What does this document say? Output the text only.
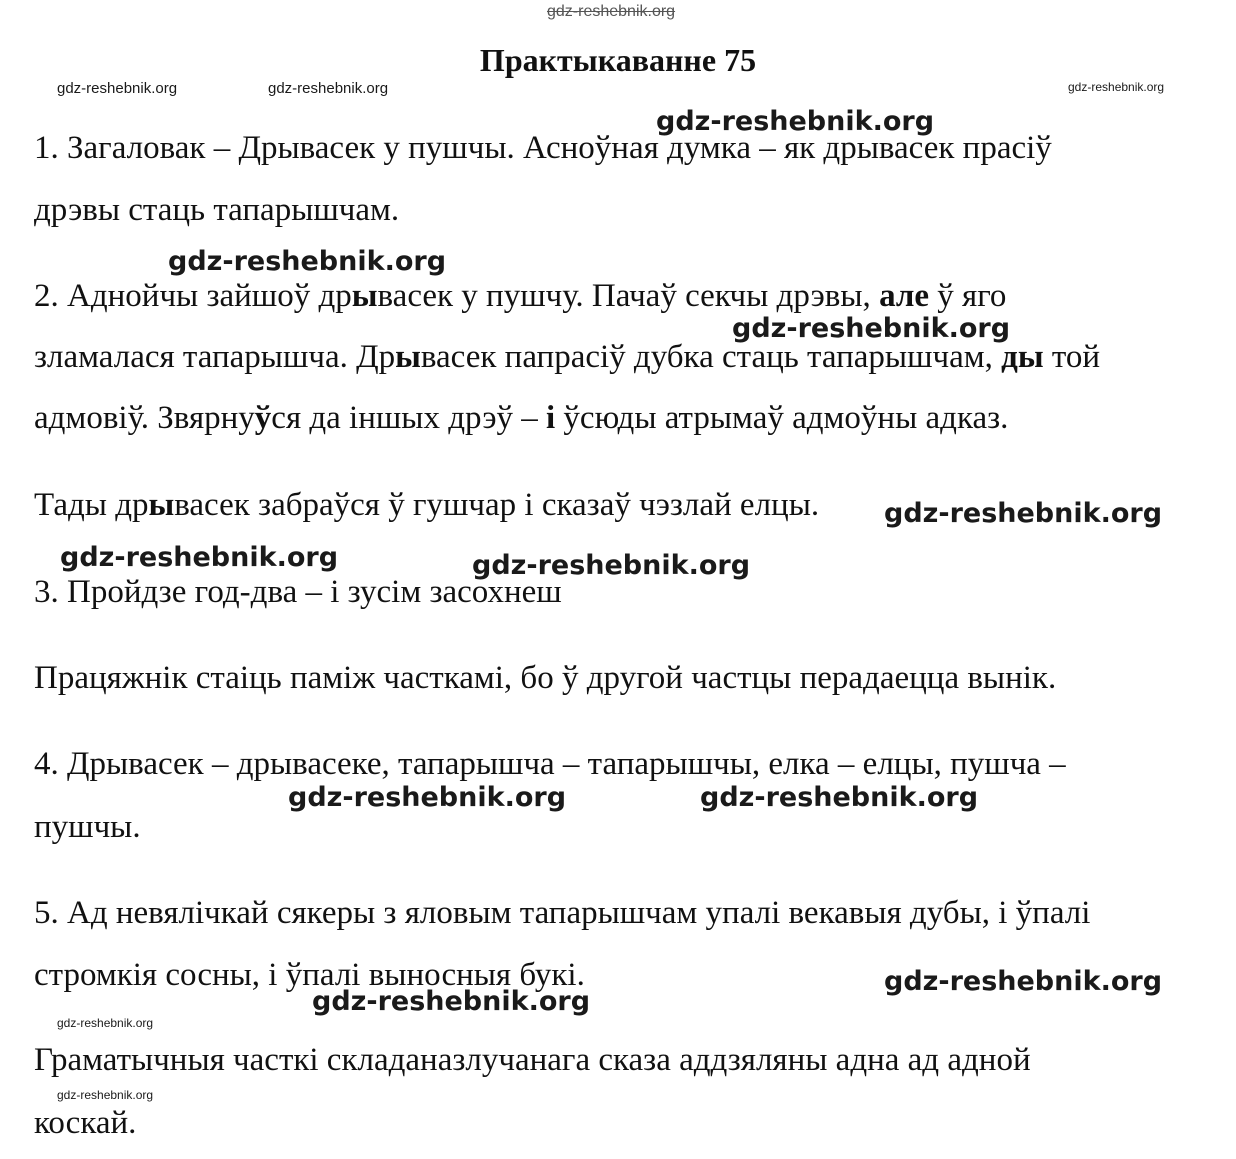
gdz-reshebnik.org
gdz-reshebnik.org	gdz-reshebnik.org	gdz-reshebnik.org
gdz-reshebnik.org
gdz-reshebnik.org
gdz-reshebnik.org
gdz-reshebnik.org
gdz-reshebnik.org	gdz-reshebnik.org
gdz-reshebnik.org	gdz-reshebnik.org
gdz-reshebnik.org
gdz-reshebnik.org
gdz-reshebnik.org
gdz-reshebnik.org
Практыкаванне 75

1. Загаловак – Дрывасек у пушчы. Асноўная думка – як дрывасек прасіў

дрэвы стаць тапарышчам.

2. Аднойчы зайшоў дрывасек у пушчу. Пачаў секчы дрэвы, але ў яго

зламалася тапарышча. Дрывасек папрасіў дубка стаць тапарышчам, ды той

адмовіў. Звярнуўся да іншых дрэў – і ўсюды атрымаў адмоўны адказ.

Тады дрывасек забраўся ў гушчар і сказаў чэзлай елцы.

3. Пройдзе год-два – і зусім засохнеш

Працяжнік стаіць паміж часткамі, бо ў другой частцы перадаецца вынік.

4. Дрывасек – дрывасеке, тапарышча – тапарышчы, елка – елцы, пушча –

пушчы.

5. Ад невялічкай сякеры з яловым тапарышчам упалі векавыя дубы, і ўпалі

стромкія сосны, і ўпалі выносныя букі.

Граматычныя часткі складаназлучанага сказа аддзяляны адна ад адной

коскай.
